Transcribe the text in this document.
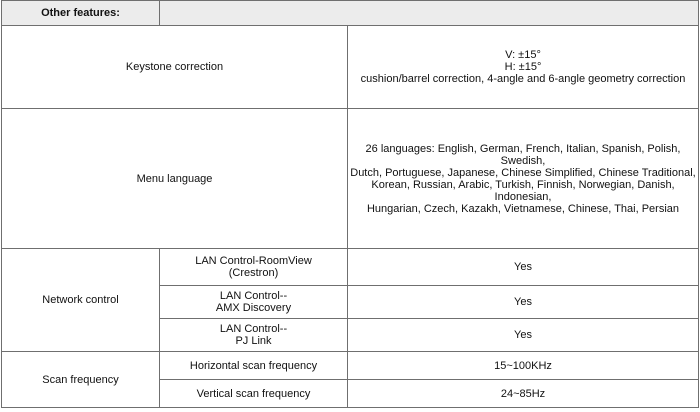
Other features:		
Keystone correction		V: ±15°
H: ±15°
cushion/barrel correction, 4-angle and 6-angle geometry correction

Menu language		26 languages: English, German, French, Italian, Spanish, Polish, Swedish,
Dutch, Portuguese, Japanese, Chinese Simplified, Chinese Traditional,
Korean, Russian, Arabic, Turkish, Finnish, Norwegian, Danish, Indonesian,
Hungarian, Czech, Kazakh, Vietnamese, Chinese, Thai, Persian

Network control	LAN Control-RoomView
(Crestron)	Yes

	LAN Control--
AMX Discovery	Yes

	LAN Control--
PJ Link	Yes
Scan frequency	Horizontal scan frequency	15~100KHz
	Vertical scan frequency	24~85Hz
